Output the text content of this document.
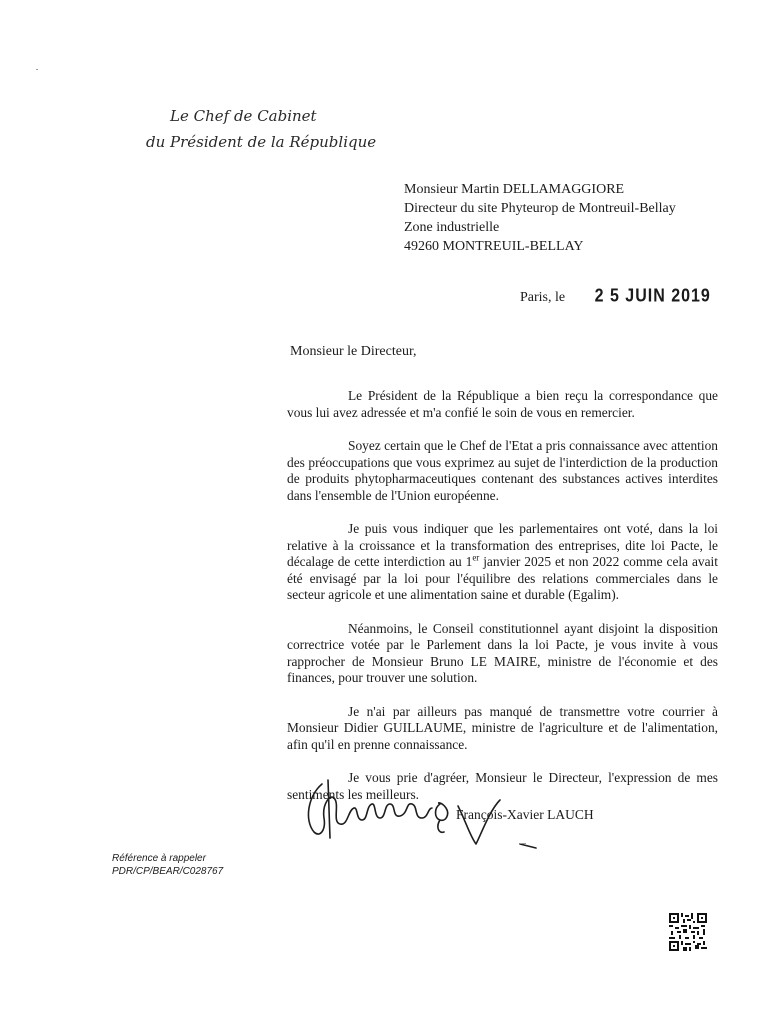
Le Chef de Cabinet
du Président de la République
Monsieur Martin DELLAMAGGIORE
Directeur du site Phyteurop de Montreuil-Bellay
Zone industrielle
49260 MONTREUIL-BELLAY
Paris, le 2 5 JUIN 2019
Monsieur le Directeur,

Le Président de la République a bien reçu la correspondance que vous lui avez adressée et m'a confié le soin de vous en remercier.

Soyez certain que le Chef de l'Etat a pris connaissance avec attention des préoccupations que vous exprimez au sujet de l'interdiction de la production de produits phytopharmaceutiques contenant des substances actives interdites dans l'ensemble de l'Union européenne.

Je puis vous indiquer que les parlementaires ont voté, dans la loi relative à la croissance et la transformation des entreprises, dite loi Pacte, le décalage de cette interdiction au 1er janvier 2025 et non 2022 comme cela avait été envisagé par la loi pour l'équilibre des relations commerciales dans le secteur agricole et une alimentation saine et durable (Egalim).

Néanmoins, le Conseil constitutionnel ayant disjoint la disposition correctrice votée par le Parlement dans la loi Pacte, je vous invite à vous rapprocher de Monsieur Bruno LE MAIRE, ministre de l'économie et des finances, pour trouver une solution.

Je n'ai par ailleurs pas manqué de transmettre votre courrier à Monsieur Didier GUILLAUME, ministre de l'agriculture et de l'alimentation, afin qu'il en prenne connaissance.

Je vous prie d'agréer, Monsieur le Directeur, l'expression de mes sentiments les meilleurs.

François-Xavier LAUCH
Référence à rappeler
PDR/CP/BEAR/C028767
